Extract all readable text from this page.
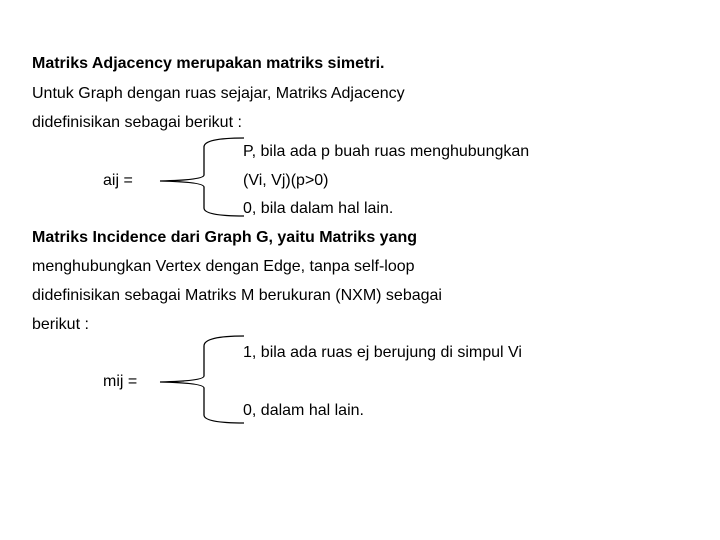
Matriks Adjacency merupakan matriks simetri.
Untuk Graph dengan ruas sejajar, Matriks Adjacency
didefinisikan sebagai berikut :
P, bila ada p buah ruas menghubungkan
aij =	(Vi, Vj)(p>0)
0, bila dalam hal lain.
Matriks Incidence dari Graph G, yaitu Matriks yang
menghubungkan Vertex dengan Edge, tanpa self-loop
didefinisikan sebagai Matriks M berukuran (NXM) sebagai
berikut :
1, bila ada ruas ej berujung di simpul Vi
mij =
0, dalam hal lain.
